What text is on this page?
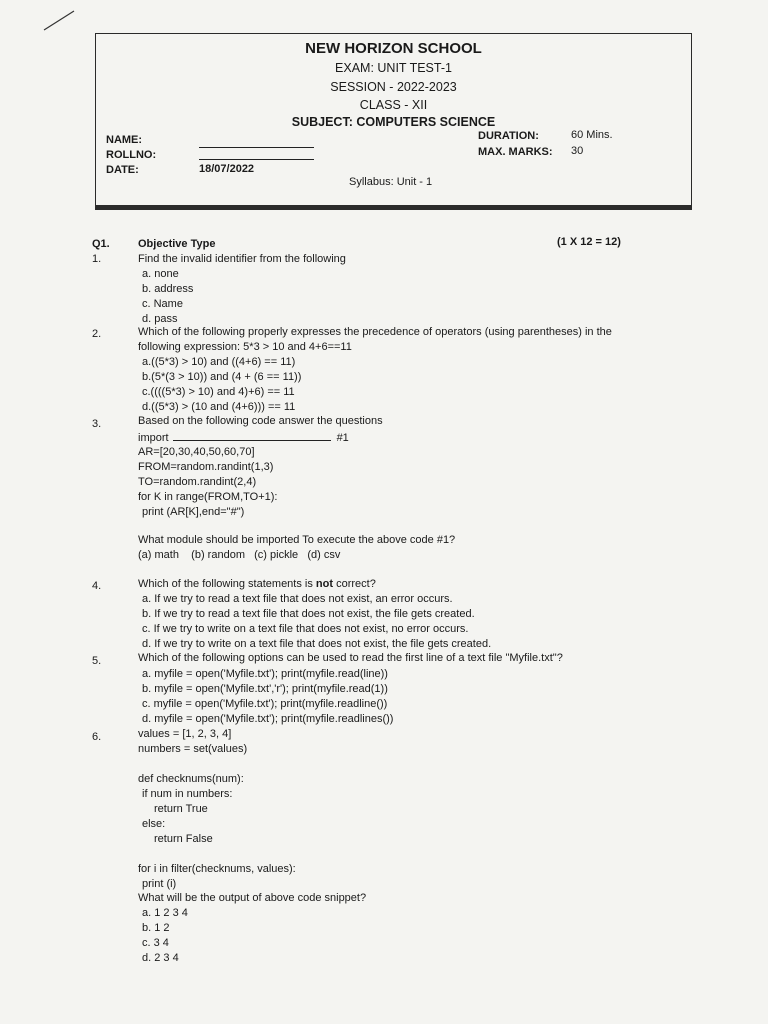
NEW HORIZON SCHOOL
EXAM: UNIT TEST-1
SESSION - 2022-2023
CLASS - XII
SUBJECT: COMPUTERS SCIENCE
NAME:
ROLLNO:
DATE:	18/07/2022
DURATION:	60 Mins.
MAX. MARKS: 30
Syllabus: Unit - 1
Q1.	Objective Type	(1 X 12 = 12)
1.	Find the invalid identifier from the following
a. none
b. address
c. Name
d. pass
2.	Which of the following properly expresses the precedence of operators (using parentheses) in the
following expression: 5*3 > 10 and 4+6==11
a.((5*3) > 10) and ((4+6) == 11)
b.(5*(3 > 10)) and (4 + (6 == 11))
c.((((5*3) > 10) and 4)+6) == 11
d.((5*3) > (10 and (4+6))) == 11
3.	Based on the following code answer the questions
import	#1
AR=[20,30,40,50,60,70]
FROM=random.randint(1,3)
TO=random.randint(2,4)
for K in range(FROM,TO+1):
print (AR[K],end="#")
What module should be imported To execute the above code #1?
(a) math    (b) random   (c) pickle   (d) csv
4.	Which of the following statements is not correct?
a. If we try to read a text file that does not exist, an error occurs.
b. If we try to read a text file that does not exist, the file gets created.
c. If we try to write on a text file that does not exist, no error occurs.
d. If we try to write on a text file that does not exist, the file gets created.
5.	Which of the following options can be used to read the first line of a text file "Myfile.txt"?
a. myfile = open('Myfile.txt'); print(myfile.read(line))
b. myfile = open('Myfile.txt','r'); print(myfile.read(1))
c. myfile = open('Myfile.txt'); print(myfile.readline())
d. myfile = open('Myfile.txt'); print(myfile.readlines())
6.	values = [1, 2, 3, 4]
numbers = set(values)
def checknums(num):
if num in numbers:
return True
else:
return False
for i in filter(checknums, values):
print (i)
What will be the output of above code snippet?
a. 1 2 3 4
b. 1 2
c. 3 4
d. 2 3 4
